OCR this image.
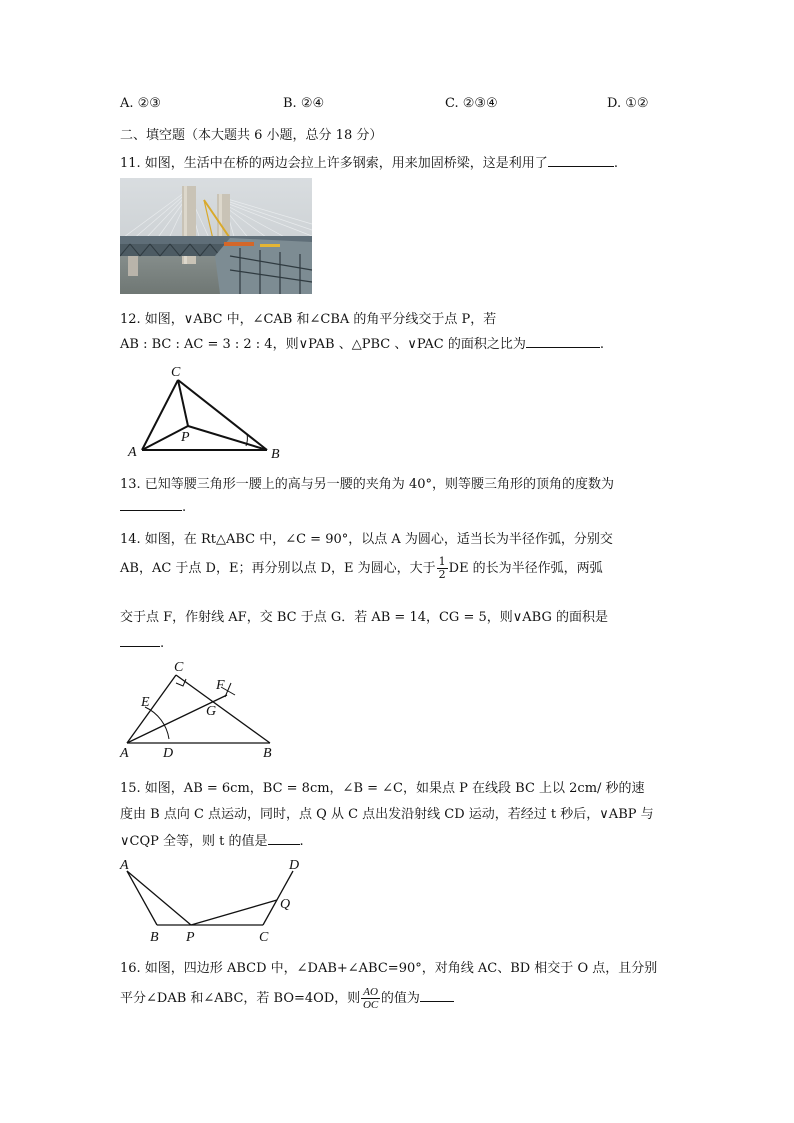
A. ②③	B. ②④	C. ②③④	D. ①②
二、填空题（本大题共 6 小题，总分 18 分）
11. 如图，生活中在桥的两边会拉上许多钢索，用来加固桥梁，这是利用了	.
12. 如图，∨ABC 中，∠CAB 和∠CBA 的角平分线交于点 P，若
AB : BC : AC = 3 : 2 : 4，则∨PAB 、△PBC 、∨PAC 的面积之比为	.
A	B
C
P
13. 已知等腰三角形一腰上的高与另一腰的夹角为 40°，则等腰三角形的顶角的度数为
.
14. 如图，在 Rt△ABC 中，∠C = 90°，以点 A 为圆心，适当长为半径作弧，分别交
AB，AC 于点 D，E；再分别以点 D，E 为圆心，大于 $\frac{1}{2}$ DE 的长为半径作弧，两弧
交于点 F，作射线 AF，交 BC 于点 G．若 AB = 14，CG = 5，则∨ABG 的面积是
.
A	B
C
D
E
F
G
15. 如图，AB = 6cm，BC = 8cm，∠B = ∠C，如果点 P 在线段 BC 上以 2cm/ 秒的速
度由 B 点向 C 点运动，同时，点 Q 从 C 点出发沿射线 CD 运动，若经过 t 秒后，∨ABP 与
∨CQP 全等，则 t 的值是 .
A
B P	C
D
Q
16. 如图，四边形 ABCD 中，∠DAB+∠ABC=90°，对角线 AC、BD 相交于 O 点，且分别
平分∠DAB 和∠ABC，若 BO=4OD，则 $\frac{AO}{OC}$ 的值为
